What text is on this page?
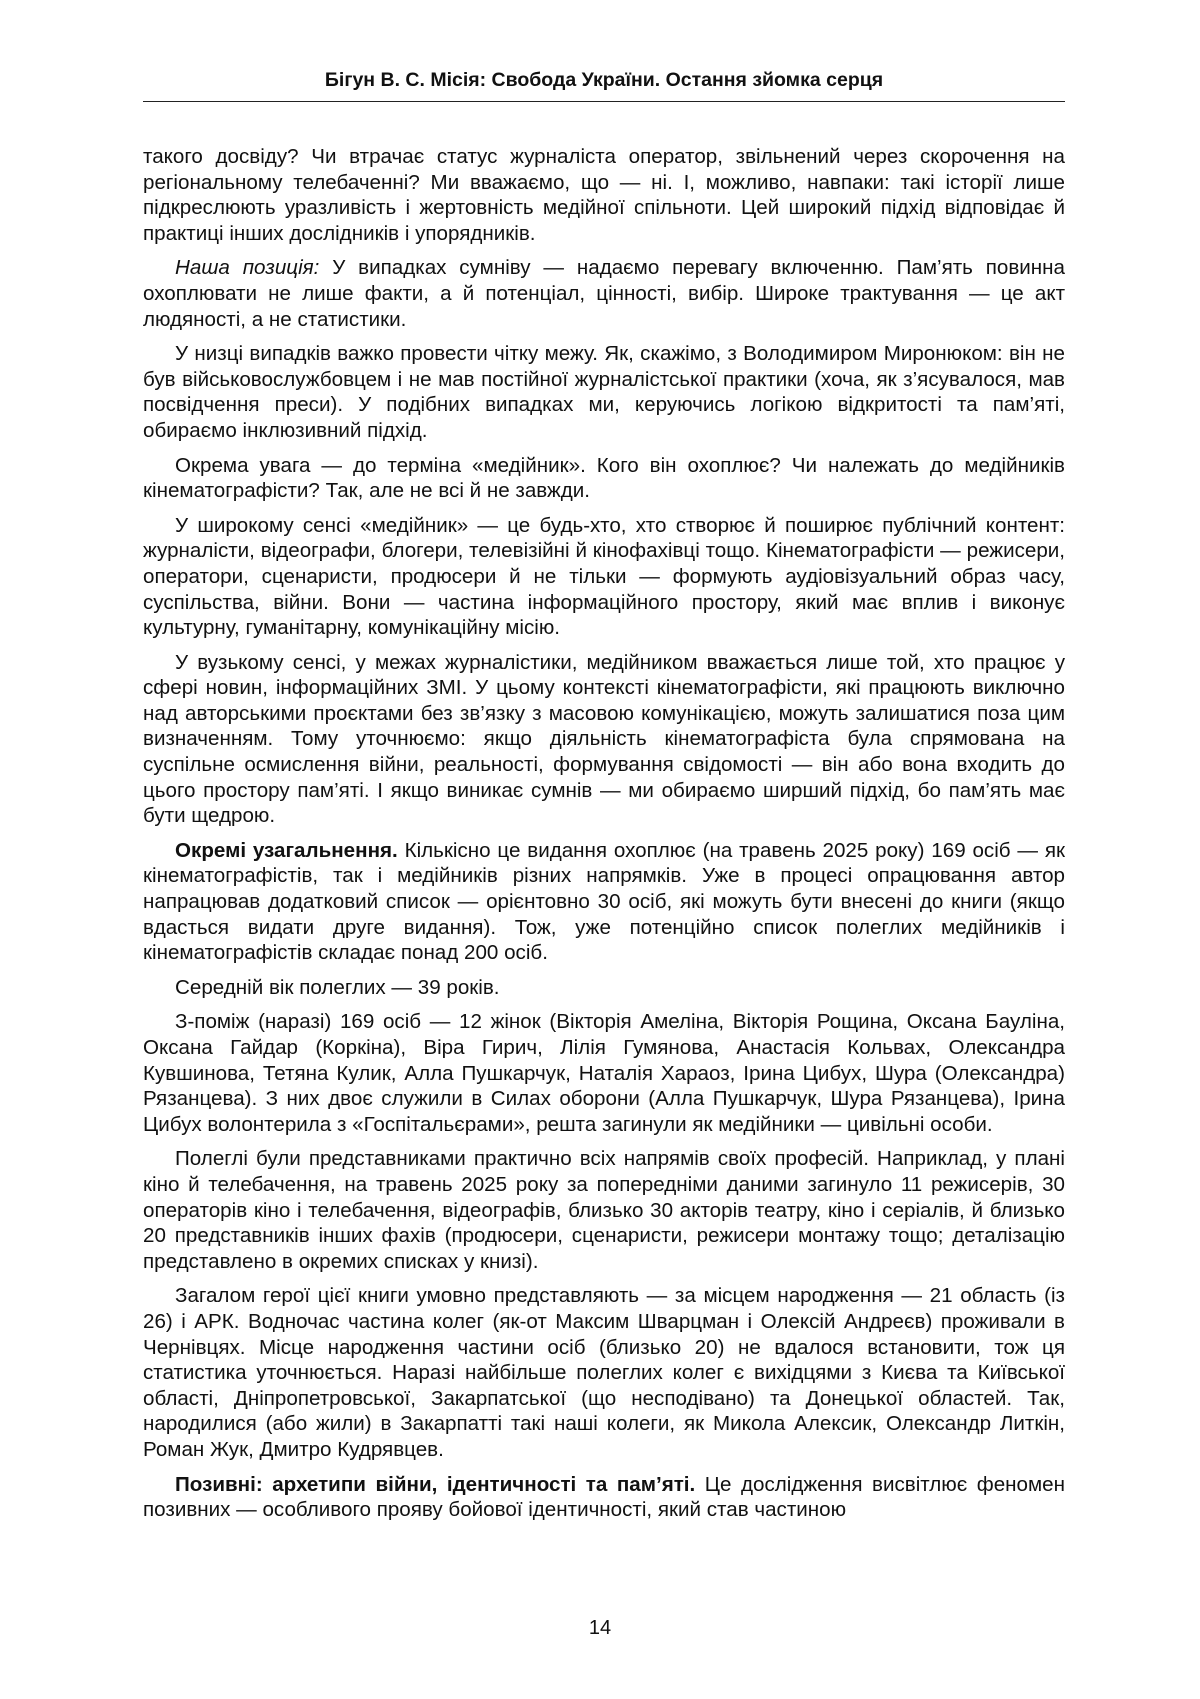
Бігун В. С. Місія: Свобода України. Остання зйомка серця

такого досвіду? Чи втрачає статус журналіста оператор, звільнений через скорочення на регіональному телебаченні? Ми вважаємо, що — ні. І, можливо, навпаки: такі історії лише підкреслюють уразливість і жертовність медійної спільноти. Цей широкий підхід відповідає й практиці інших дослідників і упорядників.

Наша позиція: У випадках сумніву — надаємо перевагу включенню. Пам’ять повинна охоплювати не лише факти, а й потенціал, цінності, вибір. Широке трактування — це акт людяності, а не статистики.

У низці випадків важко провести чітку межу. Як, скажімо, з Володимиром Миронюком: він не був військовослужбовцем і не мав постійної журналістської практики (хоча, як з’ясувалося, мав посвідчення преси). У подібних випадках ми, керуючись логікою відкритості та пам’яті, обираємо інклюзивний підхід.

Окрема увага — до терміна «медійник». Кого він охоплює? Чи належать до медійників кінематографісти? Так, але не всі й не завжди.

У широкому сенсі «медійник» — це будь-хто, хто створює й поширює публічний контент: журналісти, відеографи, блогери, телевізійні й кінофахівці тощо. Кінематографісти — режисери, оператори, сценаристи, продюсери й не тільки — формують аудіовізуальний образ часу, суспільства, війни. Вони — частина інформаційного простору, який має вплив і виконує культурну, гуманітарну, комунікаційну місію.

У вузькому сенсі, у межах журналістики, медійником вважається лише той, хто працює у сфері новин, інформаційних ЗМІ. У цьому контексті кінематографісти, які працюють виключно над авторськими проєктами без зв’язку з масовою комунікацією, можуть залишатися поза цим визначенням. Тому уточнюємо: якщо діяльність кінематографіста була спрямована на суспільне осмислення війни, реальності, формування свідомості — він або вона входить до цього простору пам’яті. І якщо виникає сумнів — ми обираємо ширший підхід, бо пам’ять має бути щедрою.

Окремі узагальнення. Кількісно це видання охоплює (на травень 2025 року) 169 осіб — як кінематографістів, так і медійників різних напрямків. Уже в процесі опрацювання автор напрацював додатковий список — орієнтовно 30 осіб, які можуть бути внесені до книги (якщо вдасться видати друге видання). Тож, уже потенційно список полеглих медійників і кінематографістів складає понад 200 осіб.

Середній вік полеглих — 39 років.

З-поміж (наразі) 169 осіб — 12 жінок (Вікторія Амеліна, Вікторія Рощина, Оксана Бауліна, Оксана Гайдар (Коркіна), Віра Гирич, Лілія Гумянова, Анастасія Кольвах, Олександра Кувшинова, Тетяна Кулик, Алла Пушкарчук, Наталія Хараоз, Ірина Цибух, Шура (Олександра) Рязанцева). З них двоє служили в Силах оборони (Алла Пушкарчук, Шура Рязанцева), Ірина Цибух волонтерила з «Госпітальєрами», решта загинули як медійники — цивільні особи.

Полеглі були представниками практично всіх напрямів своїх професій. Наприклад, у плані кіно й телебачення, на травень 2025 року за попередніми даними загинуло 11 режисерів, 30 операторів кіно і телебачення, відеографів, близько 30 акторів театру, кіно і серіалів, й близько 20 представників інших фахів (продюсери, сценаристи, режисери монтажу тощо; деталізацію представлено в окремих списках у книзі).

Загалом герої цієї книги умовно представляють — за місцем народження — 21 область (із 26) і АРК. Водночас частина колег (як-от Максим Шварцман і Олексій Андреєв) проживали в Чернівцях. Місце народження частини осіб (близько 20) не вдалося встановити, тож ця статистика уточнюється. Наразі найбільше полеглих колег є вихідцями з Києва та Київської області, Дніпропетровської, Закарпатської (що несподівано) та Донецької областей. Так, народилися (або жили) в Закарпатті такі наші колеги, як Микола Алексик, Олександр Литкін, Роман Жук, Дмитро Кудрявцев.

Позивні: архетипи війни, ідентичності та пам’яті. Це дослідження висвітлює феномен позивних — особливого прояву бойової ідентичності, який став частиною

14
